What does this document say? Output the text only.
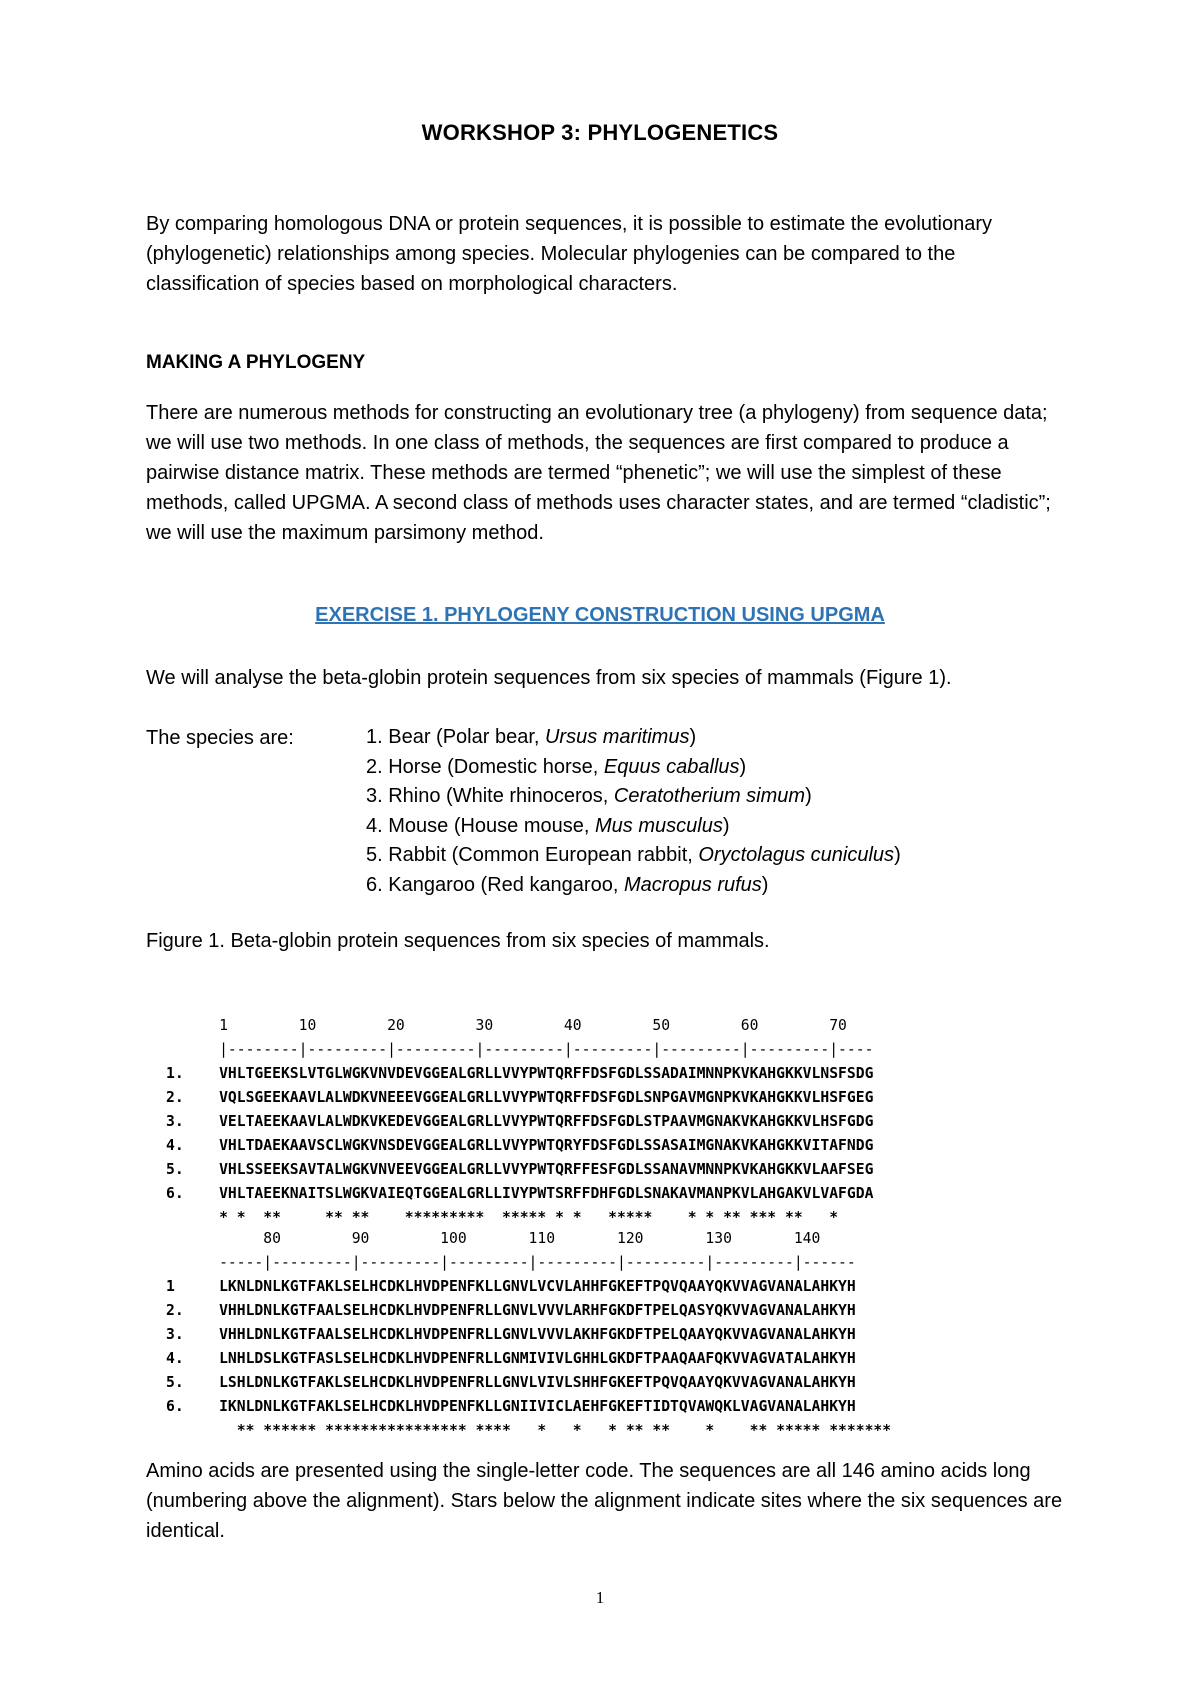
WORKSHOP 3: PHYLOGENETICS

By comparing homologous DNA or protein sequences, it is possible to estimate the evolutionary (phylogenetic) relationships among species. Molecular phylogenies can be compared to the classification of species based on morphological characters.

MAKING A PHYLOGENY

There are numerous methods for constructing an evolutionary tree (a phylogeny) from sequence data; we will use two methods. In one class of methods, the sequences are first compared to produce a pairwise distance matrix. These methods are termed “phenetic”; we will use the simplest of these methods, called UPGMA. A second class of methods uses character states, and are termed “cladistic”; we will use the maximum parsimony method.

EXERCISE 1. PHYLOGENY CONSTRUCTION USING UPGMA

We will analyse the beta-globin protein sequences from six species of mammals (Figure 1).

The species are:	1. Bear (Polar bear, Ursus maritimus)
2. Horse (Domestic horse, Equus caballus)
3. Rhino (White rhinoceros, Ceratotherium simum)
4. Mouse (House mouse, Mus musculus)
5. Rabbit (Common European rabbit, Oryctolagus cuniculus)
6. Kangaroo (Red kangaroo, Macropus rufus)
Figure 1. Beta-globin protein sequences from six species of mammals.

1        10        20        30        40        50        60        70
|--------|---------|---------|---------|---------|---------|---------|----
1. VHLTGEEKSLVTGLWGKVNVDEVGGEALGRLLVVYPWTQRFFDSFGDLSSADAIMNNPKVKAHGKKVLNSFSDG
2. VQLSGEEKAAVLALWDKVNEEEVGGEALGRLLVVYPWTQRFFDSFGDLSNPGAVMGNPKVKAHGKKVLHSFGEG
3. VELTAEEKAAVLALWDKVKEDEVGGEALGRLLVVYPWTQRFFDSFGDLSTPAAVMGNAKVKAHGKKVLHSFGDG
4. VHLTDAEKAAVSCLWGKVNSDEVGGEALGRLLVVYPWTQRYFDSFGDLSSASAIMGNAKVKAHGKKVITAFNDG
5. VHLSSEEKSAVTALWGKVNVEEVGGEALGRLLVVYPWTQRFFESFGDLSSANAVMNNPKVKAHGKKVLAAFSEG
6. VHLTAEEKNAITSLWGKVAIEQTGGEALGRLLIVYPWTSRFFDHFGDLSNAKAVMANPKVLAHGAKVLVAFGDA
* *  **     ** **    *********  ***** * *   *****    * * ** *** **   *

80        90        100       110       120       130       140
-----|---------|---------|---------|---------|---------|---------|------
1	LKNLDNLKGTFAKLSELHCDKLHVDPENFKLLGNVLVCVLAHHFGKEFTPQVQAAYQKVVAGVANALAHKYH
2. VHHLDNLKGTFAALSELHCDKLHVDPENFRLLGNVLVVVLARHFGKDFTPELQASYQKVVAGVANALAHKYH
3. VHHLDNLKGTFAALSELHCDKLHVDPENFRLLGNVLVVVLAKHFGKDFTPELQAAYQKVVAGVANALAHKYH
4. LNHLDSLKGTFASLSELHCDKLHVDPENFRLLGNMIVIVLGHHLGKDFTPAAQAAFQKVVAGVATALAHKYH
5. LSHLDNLKGTFAKLSELHCDKLHVDPENFRLLGNVLVIVLSHHFGKEFTPQVQAAYQKVVAGVANALAHKYH
6. IKNLDNLKGTFAKLSELHCDKLHVDPENFKLLGNIIVICLAEHFGKEFTIDTQVAWQKLVAGVANALAHKYH
** ****** **************** ****   *   *   * ** **    *    ** ***** *******

Amino acids are presented using the single-letter code. The sequences are all 146 amino acids long (numbering above the alignment). Stars below the alignment indicate sites where the six sequences are identical.

1
